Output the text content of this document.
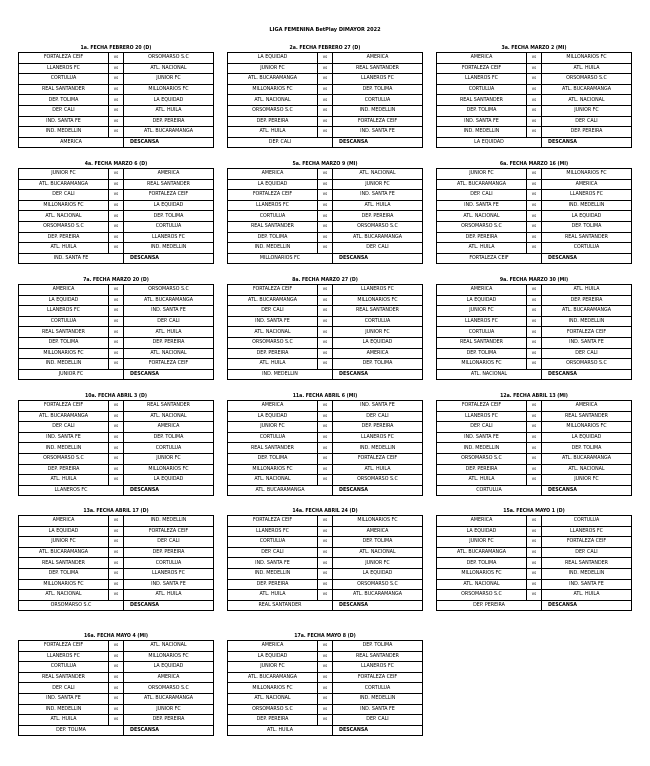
LIGA FEMENINA BetPlay DIMAYOR 2022
1a. FECHA FEBRERO 20 (D)
FORTALEZA CEIF	vs	ORSOMARSO S.C
LLANEROS FC	vs	ATL. NACIONAL
CORTULUA	vs	JUNIOR FC
REAL SANTANDER	vs	MILLONARIOS FC
DEP. TOLIMA	vs	LA EQUIDAD
DEP. CALI	vs	ATL. HUILA
IND. SANTA FE	vs	DEP. PEREIRA
IND. MEDELLIN	vs	ATL. BUCARAMANGA
AMERICA		DESCANSA
2a. FECHA FEBRERO 27 (D)
LA EQUIDAD	vs	AMERICA
JUNIOR FC	vs	REAL SANTANDER
ATL. BUCARAMANGA	vs	LLANEROS FC
MILLONARIOS FC	vs	DEP. TOLIMA
ATL. NACIONAL	vs	CORTULUA
ORSOMARSO S.C	vs	IND. MEDELLIN
DEP. PEREIRA	vs	FORTALEZA CEIF
ATL. HUILA	vs	IND. SANTA FE
DEP. CALI		DESCANSA
3a. FECHA MARZO 2 (MI)
AMERICA	vs	MILLONARIOS FC
FORTALEZA CEIF	vs	ATL. HUILA
LLANEROS FC	vs	ORSOMARSO S.C
CORTULUA	vs	ATL. BUCARAMANGA
REAL SANTANDER	vs	ATL. NACIONAL
DEP. TOLIMA	vs	JUNIOR FC
IND. SANTA FE	vs	DEP. CALI
IND. MEDELLIN	vs	DEP. PEREIRA
LA EQUIDAD		DESCANSA
4a. FECHA MARZO 6 (D)
JUNIOR FC	vs	AMERICA
ATL. BUCARAMANGA	vs	REAL SANTANDER
DEP. CALI	vs	FORTALEZA CEIF
MILLONARIOS FC	vs	LA EQUIDAD
ATL. NACIONAL	vs	DEP. TOLIMA
ORSOMARSO S.C	vs	CORTULUA
DEP. PEREIRA	vs	LLANEROS FC
ATL. HUILA	vs	IND. MEDELLIN
IND. SANTA FE		DESCANSA
5a. FECHA MARZO 9 (MI)
AMERICA	vs	ATL. NACIONAL
LA EQUIDAD	vs	JUNIOR FC
FORTALEZA CEIF	vs	IND. SANTA FE
LLANEROS FC	vs	ATL. HUILA
CORTULUA	vs	DEP. PEREIRA
REAL SANTANDER	vs	ORSOMARSO S.C
DEP. TOLIMA	vs	ATL. BUCARAMANGA
IND. MEDELLIN	vs	DEP. CALI
MILLONARIOS FC		DESCANSA
6a. FECHA MARZO 16 (MI)
JUNIOR FC	vs	MILLONARIOS FC
ATL. BUCARAMANGA	vs	AMERICA
DEP. CALI	vs	LLANEROS FC
IND. SANTA FE	vs	IND. MEDELLIN
ATL. NACIONAL	vs	LA EQUIDAD
ORSOMARSO S.C	vs	DEP. TOLIMA
DEP. PEREIRA	vs	REAL SANTANDER
ATL. HUILA	vs	CORTULUA
FORTALEZA CEIF		DESCANSA
7a. FECHA MARZO 20 (D)
AMERICA	vs	ORSOMARSO S.C
LA EQUIDAD	vs	ATL. BUCARAMANGA
LLANEROS FC	vs	IND. SANTA FE
CORTULUA	vs	DEP. CALI
REAL SANTANDER	vs	ATL. HUILA
DEP. TOLIMA	vs	DEP. PEREIRA
MILLONARIOS FC	vs	ATL. NACIONAL
IND. MEDELLIN	vs	FORTALEZA CEIF
JUNIOR FC		DESCANSA
8a. FECHA MARZO 27 (D)
FORTALEZA CEIF	vs	LLANEROS FC
ATL. BUCARAMANGA	vs	MILLONARIOS FC
DEP. CALI	vs	REAL SANTANDER
IND. SANTA FE	vs	CORTULUA
ATL. NACIONAL	vs	JUNIOR FC
ORSOMARSO S.C	vs	LA EQUIDAD
DEP. PEREIRA	vs	AMERICA
ATL. HUILA	vs	DEP. TOLIMA
IND. MEDELLIN		DESCANSA
9a. FECHA MARZO 30 (MI)
AMERICA	vs	ATL. HUILA
LA EQUIDAD	vs	DEP. PEREIRA
JUNIOR FC	vs	ATL. BUCARAMANGA
LLANEROS FC	vs	IND. MEDELLIN
CORTULUA	vs	FORTALEZA CEIF
REAL SANTANDER	vs	IND. SANTA FE
DEP. TOLIMA	vs	DEP. CALI
MILLONARIOS FC	vs	ORSOMARSO S.C
ATL. NACIONAL		DESCANSA
10a. FECHA ABRIL 3 (D)
FORTALEZA CEIF	vs	REAL SANTANDER
ATL. BUCARAMANGA	vs	ATL. NACIONAL
DEP. CALI	vs	AMERICA
IND. SANTA FE	vs	DEP. TOLIMA
IND. MEDELLIN	vs	CORTULUA
ORSOMARSO S.C	vs	JUNIOR FC
DEP. PEREIRA	vs	MILLONARIOS FC
ATL. HUILA	vs	LA EQUIDAD
LLANEROS FC		DESCANSA
11a. FECHA ABRIL 6 (MI)
AMERICA	vs	IND. SANTA FE
LA EQUIDAD	vs	DEP. CALI
JUNIOR FC	vs	DEP. PEREIRA
CORTULUA	vs	LLANEROS FC
REAL SANTANDER	vs	IND. MEDELLIN
DEP. TOLIMA	vs	FORTALEZA CEIF
MILLONARIOS FC	vs	ATL. HUILA
ATL. NACIONAL	vs	ORSOMARSO S.C
ATL. BUCARAMANGA		DESCANSA
12a. FECHA ABRIL 13 (MI)
FORTALEZA CEIF	vs	AMERICA
LLANEROS FC	vs	REAL SANTANDER
DEP. CALI	vs	MILLONARIOS FC
IND. SANTA FE	vs	LA EQUIDAD
IND. MEDELLIN	vs	DEP. TOLIMA
ORSOMARSO S.C	vs	ATL. BUCARAMANGA
DEP. PEREIRA	vs	ATL. NACIONAL
ATL. HUILA	vs	JUNIOR FC
CORTULUA		DESCANSA
13a. FECHA ABRIL 17 (D)
AMERICA	vs	IND. MEDELLIN
LA EQUIDAD	vs	FORTALEZA CEIF
JUNIOR FC	vs	DEP. CALI
ATL. BUCARAMANGA	vs	DEP. PEREIRA
REAL SANTANDER	vs	CORTULUA
DEP. TOLIMA	vs	LLANEROS FC
MILLONARIOS FC	vs	IND. SANTA FE
ATL. NACIONAL	vs	ATL. HUILA
ORSOMARSO S.C		DESCANSA
14a. FECHA ABRIL 24 (D)
FORTALEZA CEIF	vs	MILLONARIOS FC
LLANEROS FC	vs	AMERICA
CORTULUA	vs	DEP. TOLIMA
DEP. CALI	vs	ATL. NACIONAL
IND. SANTA FE	vs	JUNIOR FC
IND. MEDELLIN	vs	LA EQUIDAD
DEP. PEREIRA	vs	ORSOMARSO S.C
ATL. HUILA	vs	ATL. BUCARAMANGA
REAL SANTANDER		DESCANSA
15a. FECHA MAYO 1 (D)
AMERICA	vs	CORTULUA
LA EQUIDAD	vs	LLANEROS FC
JUNIOR FC	vs	FORTALEZA CEIF
ATL. BUCARAMANGA	vs	DEP. CALI
DEP. TOLIMA	vs	REAL SANTANDER
MILLONARIOS FC	vs	IND. MEDELLIN
ATL. NACIONAL	vs	IND. SANTA FE
ORSOMARSO S.C	vs	ATL. HUILA
DEP. PEREIRA		DESCANSA
16a. FECHA MAYO 4 (MI)
FORTALEZA CEIF	vs	ATL. NACIONAL
LLANEROS FC	vs	MILLONARIOS FC
CORTULUA	vs	LA EQUIDAD
REAL SANTANDER	vs	AMERICA
DEP. CALI	vs	ORSOMARSO S.C
IND. SANTA FE	vs	ATL. BUCARAMANGA
IND. MEDELLIN	vs	JUNIOR FC
ATL. HUILA	vs	DEP. PEREIRA
DEP. TOLIMA		DESCANSA
17a. FECHA MAYO 8 (D)
AMERICA	vs	DEP. TOLIMA
LA EQUIDAD	vs	REAL SANTANDER
JUNIOR FC	vs	LLANEROS FC
ATL. BUCARAMANGA	vs	FORTALEZA CEIF
MILLONARIOS FC	vs	CORTULUA
ATL. NACIONAL	vs	IND. MEDELLIN
ORSOMARSO S.C	vs	IND. SANTA FE
DEP. PEREIRA	vs	DEP. CALI
ATL. HUILA		DESCANSA
